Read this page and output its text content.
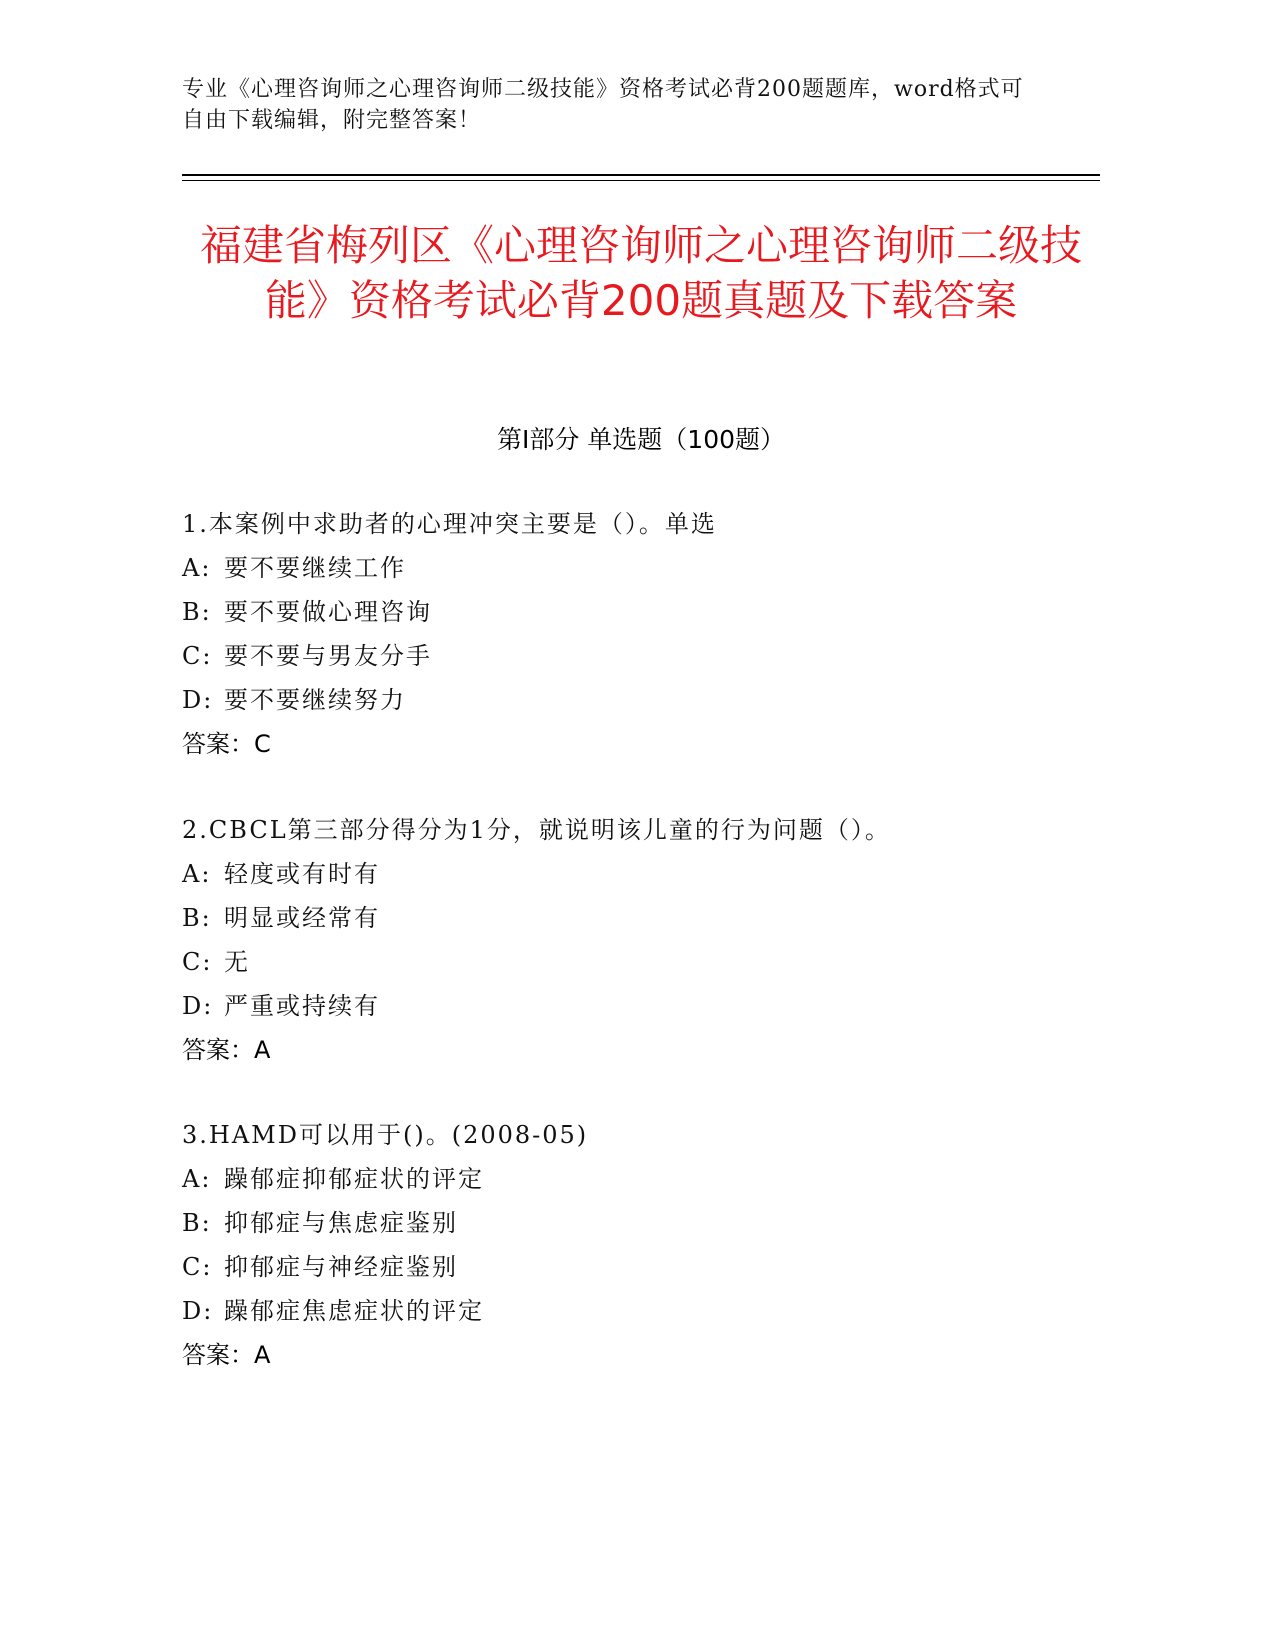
专业《心理咨询师之心理咨询师二级技能》资格考试必背200题题库，word格式可自由下载编辑，附完整答案！
福建省梅列区《心理咨询师之心理咨询师二级技能》资格考试必背200题真题及下载答案
第Ⅰ部分 单选题（100题）
1.本案例中求助者的心理冲突主要是（）。单选
A: 要不要继续工作
B: 要不要做心理咨询
C: 要不要与男友分手
D: 要不要继续努力
答案：C
2.CBCL第三部分得分为1分，就说明该儿童的行为问题（）。
A: 轻度或有时有
B: 明显或经常有
C: 无
D: 严重或持续有
答案：A
3.HAMD可以用于()。(2008-05)
A: 躁郁症抑郁症状的评定
B: 抑郁症与焦虑症鉴别
C: 抑郁症与神经症鉴别
D: 躁郁症焦虑症状的评定
答案：A
